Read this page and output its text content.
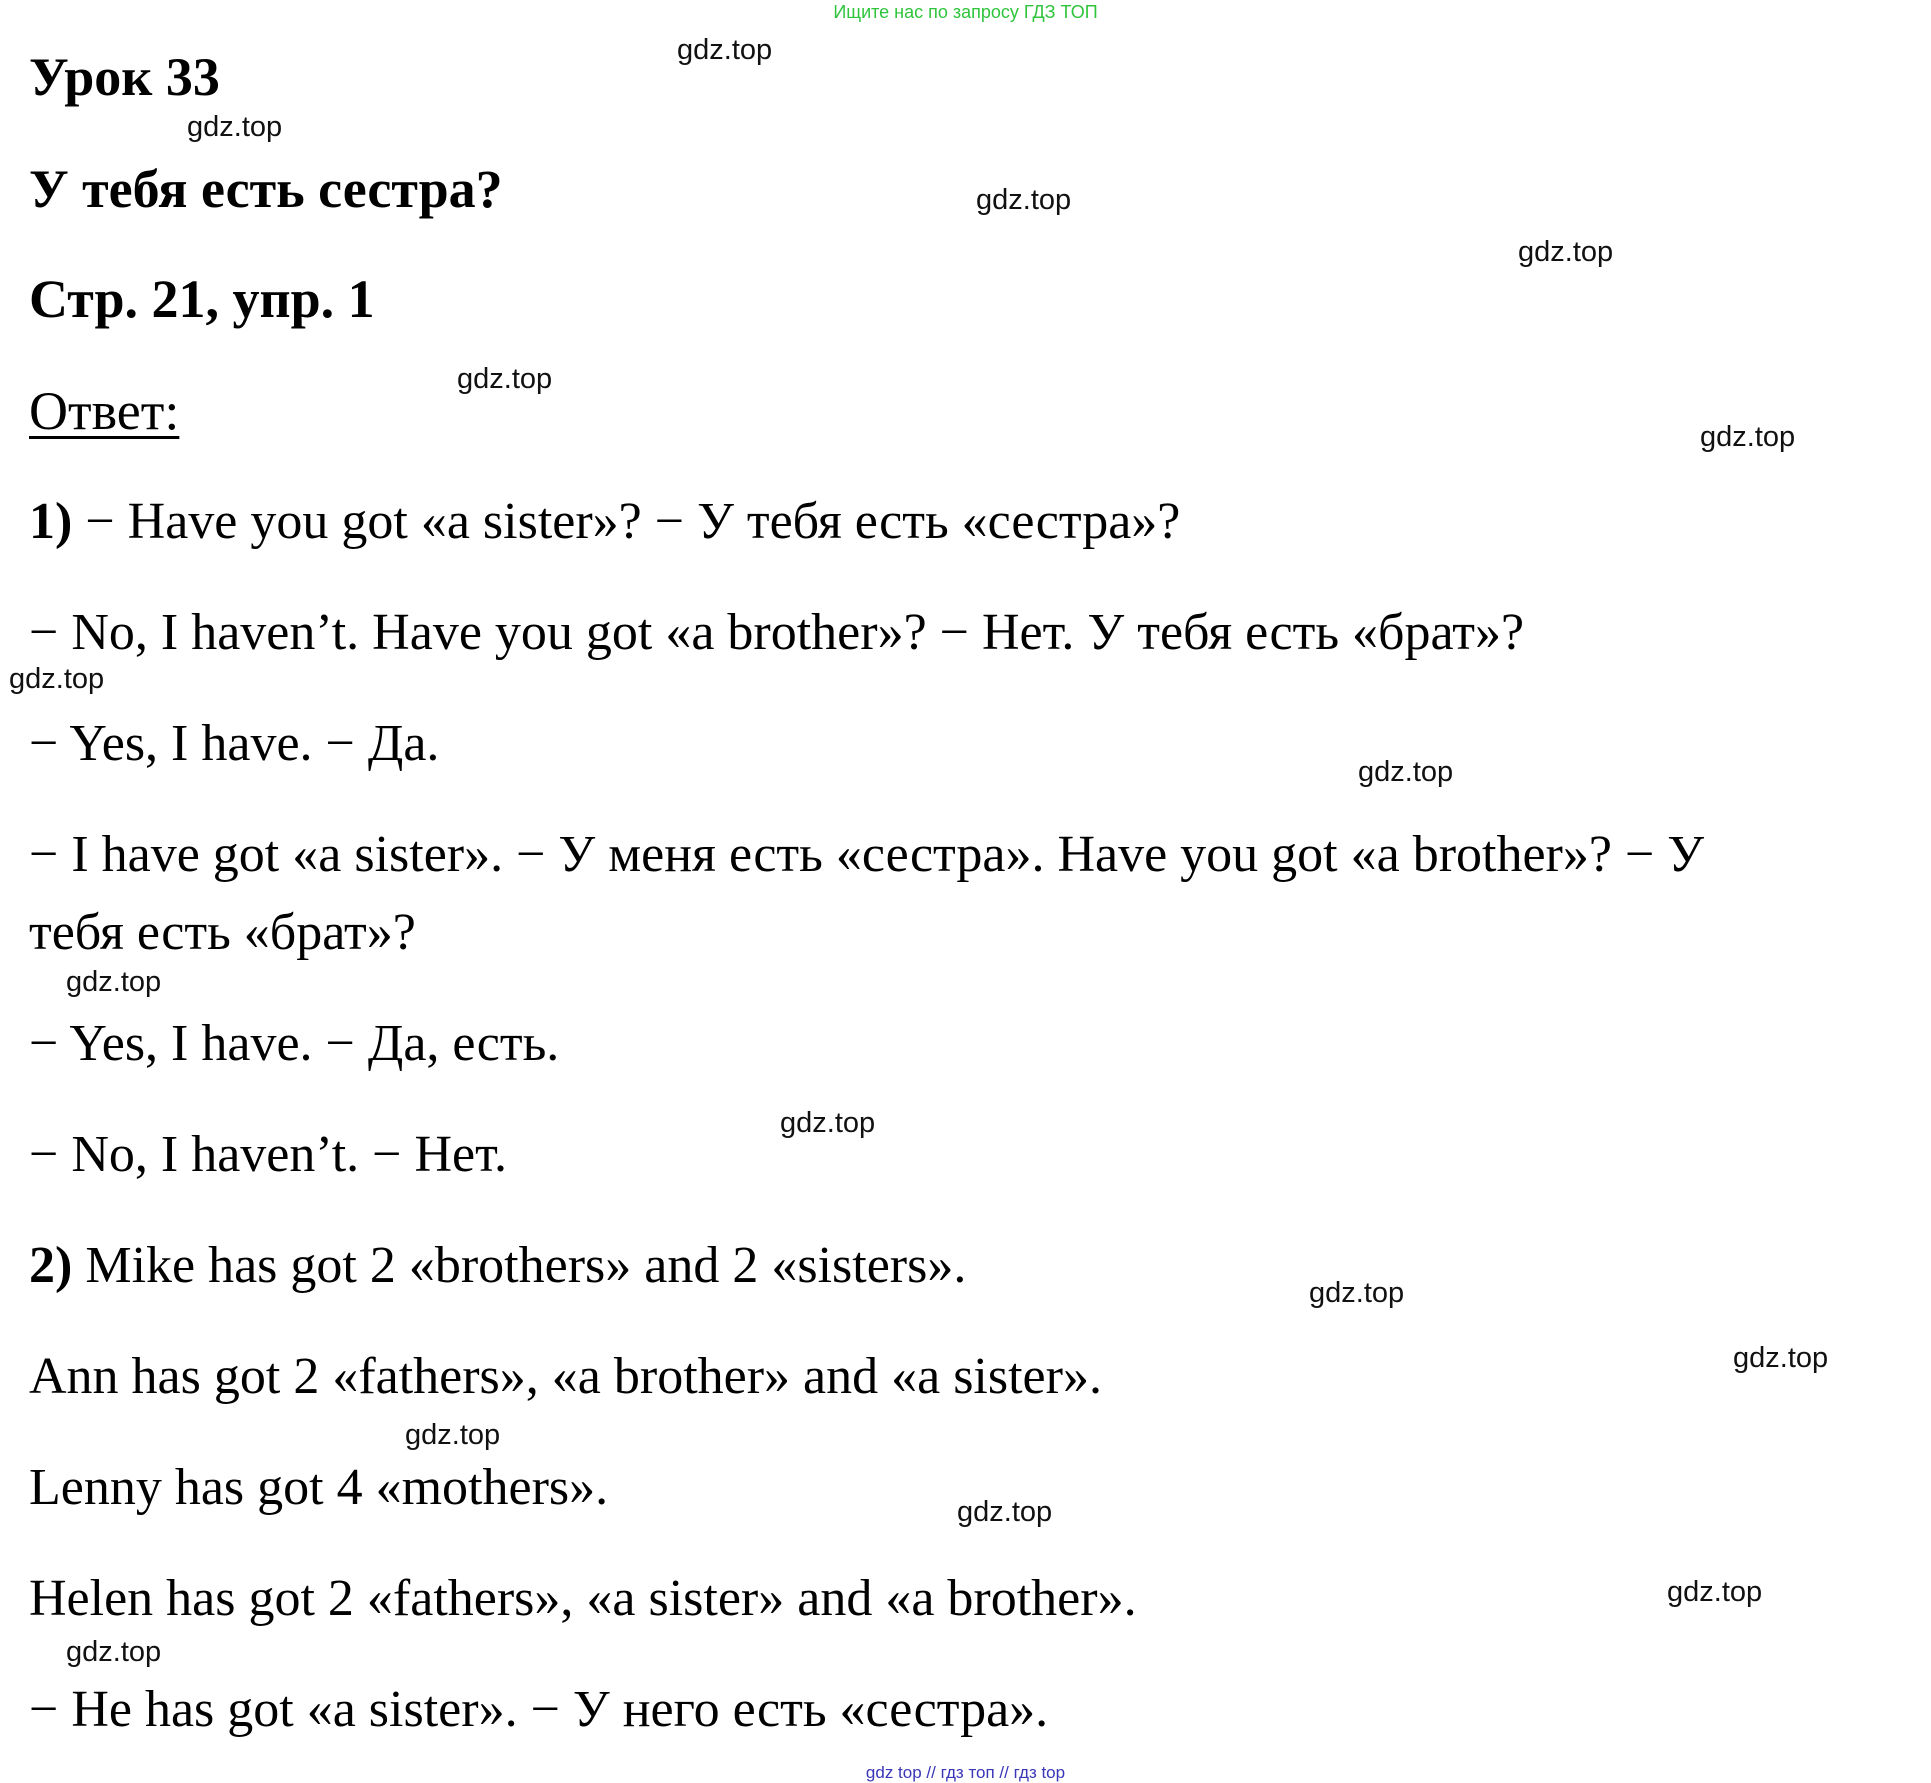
Ищите нас по запросу ГДЗ ТОП
Урок 33
У тебя есть сестра?
Стр. 21, упр. 1
Ответ:
1) − Have you got «a sister»? − У тебя есть «сестра»?
− No, I haven’t. Have you got «a brother»? − Нет. У тебя есть «брат»?
− Yes, I have. − Да.
− I have got «a sister». − У меня есть «сестра». Have you got «a brother»? − У
тебя есть «брат»?
− Yes, I have. − Да, есть.
− No, I haven’t. − Нет.
2) Mike has got 2 «brothers» and 2 «sisters».
Ann has got 2 «fathers», «a brother» and «a sister».
Lenny has got 4 «mothers».
Helen has got 2 «fathers», «a sister» and «a brother».
− He has got «a sister». − У него есть «сестра».
gdz.top
gdz.top
gdz.top
gdz.top
gdz.top
gdz.top
gdz.top
gdz.top
gdz.top
gdz.top
gdz.top
gdz.top
gdz.top
gdz.top
gdz.top
gdz.top
gdz top // гдз топ // гдз top
